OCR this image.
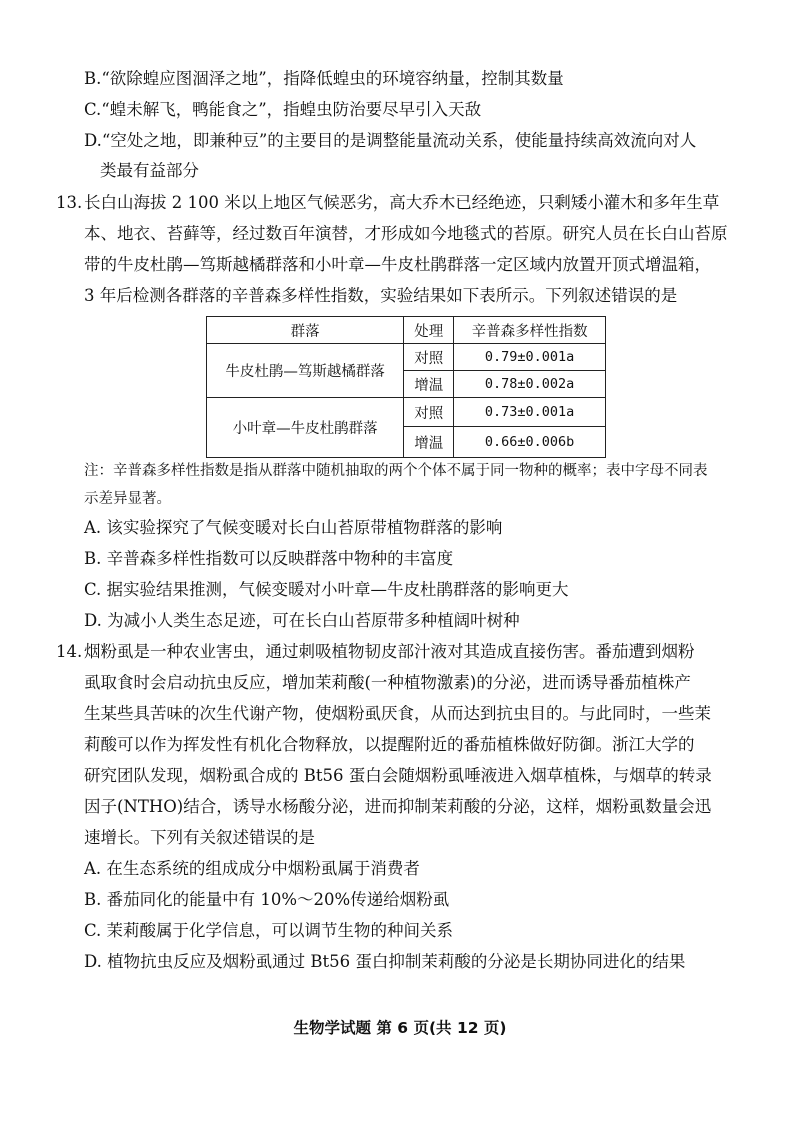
B.“欲除蝗应图涸泽之地”，指降低蝗虫的环境容纳量，控制其数量
C.“蝗未解飞，鸭能食之”，指蝗虫防治要尽早引入天敌
D.“空处之地，即兼种豆”的主要目的是调整能量流动关系，使能量持续高效流向对人
类最有益部分
13. 长白山海拔 2 100 米以上地区气候恶劣，高大乔木已经绝迹，只剩矮小灌木和多年生草
本、地衣、苔藓等，经过数百年演替，才形成如今地毯式的苔原。研究人员在长白山苔原
带的牛皮杜鹃—笃斯越橘群落和小叶章—牛皮杜鹃群落一定区域内放置开顶式增温箱，
3 年后检测各群落的辛普森多样性指数，实验结果如下表所示。下列叙述错误的是
群落	处理	辛普森多样性指数
牛皮杜鹃—笃斯越橘群落	对照	0.79±0.001a
	增温	0.78±0.002a
小叶章—牛皮杜鹃群落	对照	0.73±0.001a
	增温	0.66±0.006b
注：辛普森多样性指数是指从群落中随机抽取的两个个体不属于同一物种的概率；表中字母不同表
示差异显著。
A. 该实验探究了气候变暖对长白山苔原带植物群落的影响
B. 辛普森多样性指数可以反映群落中物种的丰富度
C. 据实验结果推测，气候变暖对小叶章—牛皮杜鹃群落的影响更大
D. 为减小人类生态足迹，可在长白山苔原带多种植阔叶树种
14. 烟粉虱是一种农业害虫，通过刺吸植物韧皮部汁液对其造成直接伤害。番茄遭到烟粉
虱取食时会启动抗虫反应，增加茉莉酸(一种植物激素)的分泌，进而诱导番茄植株产
生某些具苦味的次生代谢产物，使烟粉虱厌食，从而达到抗虫目的。与此同时，一些茉
莉酸可以作为挥发性有机化合物释放，以提醒附近的番茄植株做好防御。浙江大学的
研究团队发现，烟粉虱合成的 Bt56 蛋白会随烟粉虱唾液进入烟草植株，与烟草的转录
因子(NTHO)结合，诱导水杨酸分泌，进而抑制茉莉酸的分泌，这样，烟粉虱数量会迅
速增长。下列有关叙述错误的是
A. 在生态系统的组成成分中烟粉虱属于消费者
B. 番茄同化的能量中有 10%～20%传递给烟粉虱
C. 茉莉酸属于化学信息，可以调节生物的种间关系
D. 植物抗虫反应及烟粉虱通过 Bt56 蛋白抑制茉莉酸的分泌是长期协同进化的结果
生物学试题 第 6 页(共 12 页)
